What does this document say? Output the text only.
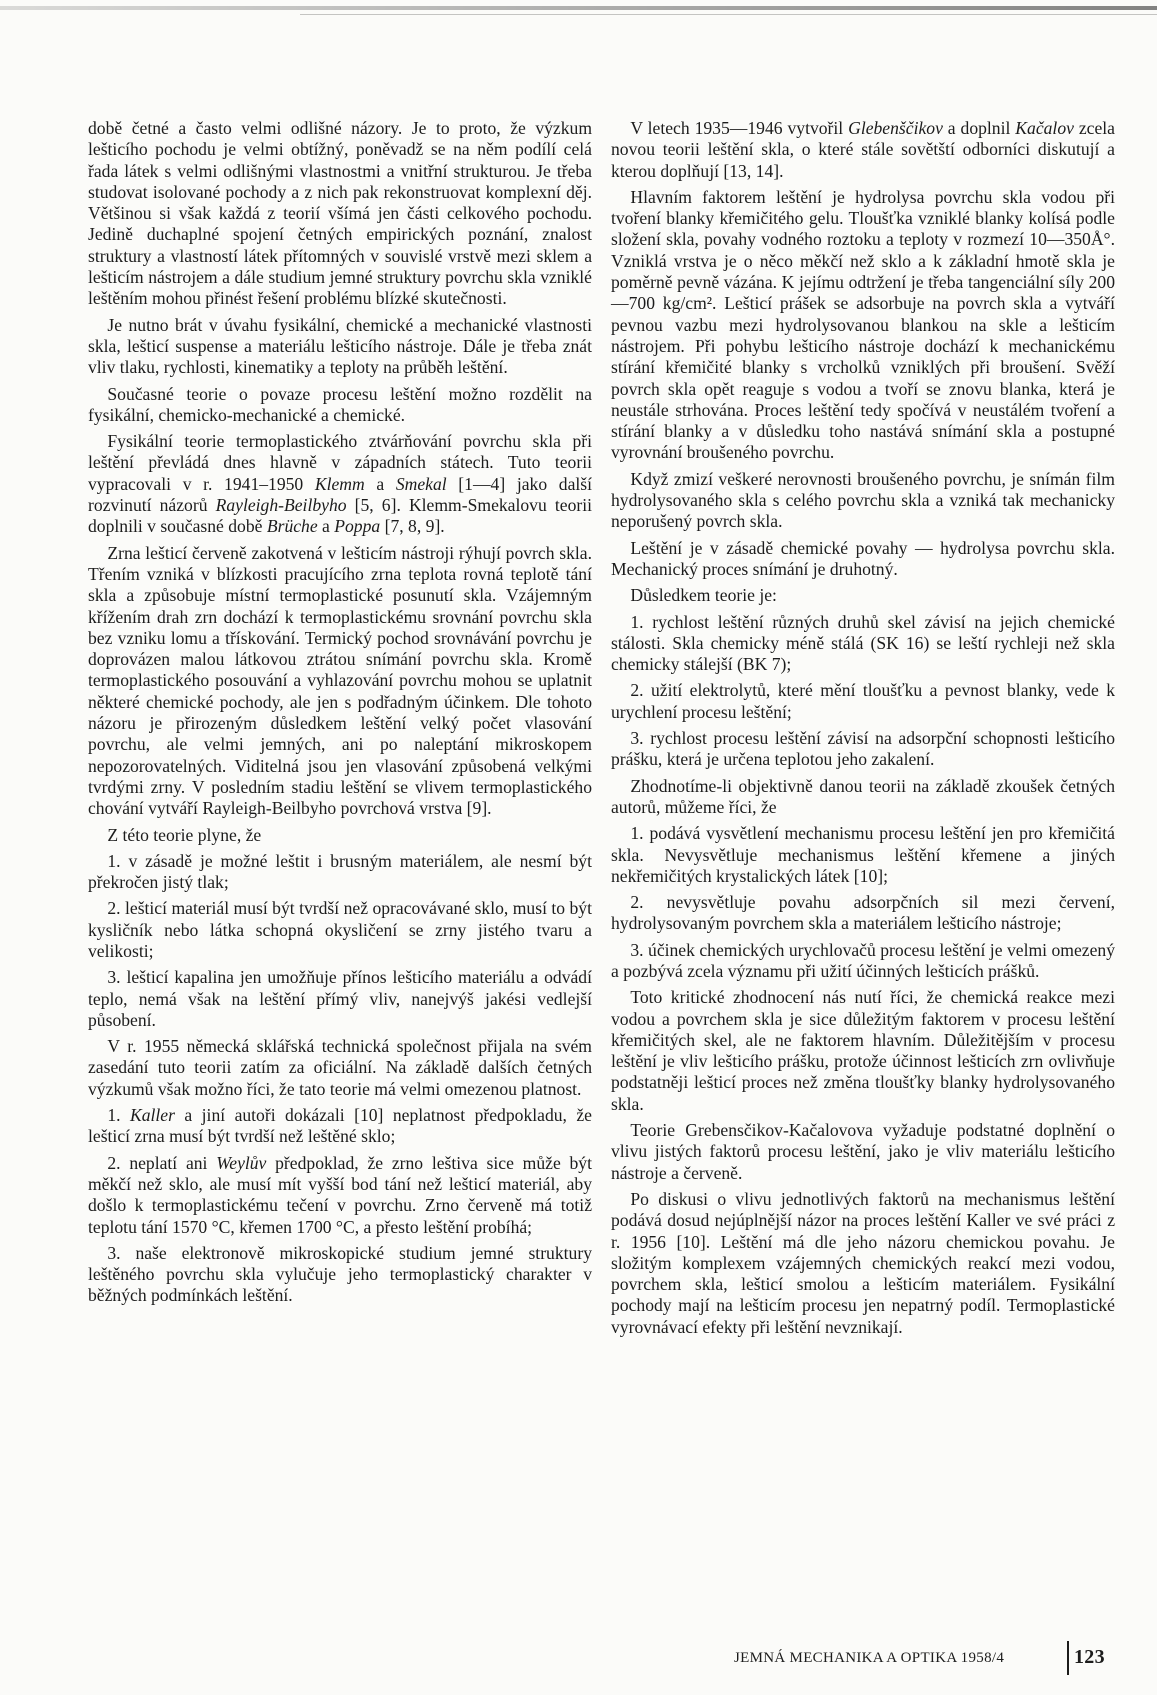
době četné a často velmi odlišné názory. Je to proto, že výzkum lešticího pochodu je velmi obtížný, poněvadž se na něm podílí celá řada látek s velmi odlišnými vlastnostmi a vnitřní strukturou. Je třeba studovat isolované pochody a z nich pak rekonstruovat komplexní děj. Většinou si však každá z teorií všímá jen části celkového pochodu. Jedině duchaplné spojení četných empirických poznání, znalost struktury a vlastností látek přítomných v souvislé vrstvě mezi sklem a lešticím nástrojem a dále studium jemné struktury povrchu skla vzniklé leštěním mohou přinést řešení problému blízké skutečnosti.

Je nutno brát v úvahu fysikální, chemické a mechanické vlastnosti skla, lešticí suspense a materiálu lešticího nástroje. Dále je třeba znát vliv tlaku, rychlosti, kinematiky a teploty na průběh leštění.

Současné teorie o povaze procesu leštění možno rozdělit na fysikální, chemicko-mechanické a chemické.

Fysikální teorie termoplastického ztvárňování povrchu skla při leštění převládá dnes hlavně v západních státech. Tuto teorii vypracovali v r. 1941–1950 Klemm a Smekal [1—4] jako další rozvinutí názorů Rayleigh-Beilbyho [5, 6]. Klemm-Smekalovu teorii doplnili v současné době Brüche a Poppa [7, 8, 9].

Zrna lešticí červeně zakotvená v lešticím nástroji rýhují povrch skla. Třením vzniká v blízkosti pracujícího zrna teplota rovná teplotě tání skla a způsobuje místní termoplastické posunutí skla. Vzájemným křížením drah zrn dochází k termoplastickému srovnání povrchu skla bez vzniku lomu a třískování. Termický pochod srovnávání povrchu je doprovázen malou látkovou ztrátou snímání povrchu skla. Kromě termoplastického posouvání a vyhlazování povrchu mohou se uplatnit některé chemické pochody, ale jen s podřadným účinkem. Dle tohoto názoru je přirozeným důsledkem leštění velký počet vlasování povrchu, ale velmi jemných, ani po naleptání mikroskopem nepozorovatelných. Viditelná jsou jen vlasování způsobená velkými tvrdými zrny. V posledním stadiu leštění se vlivem termoplastického chování vytváří Rayleigh-Beilbyho povrchová vrstva [9].

Z této teorie plyne, že

1. v zásadě je možné leštit i brusným materiálem, ale nesmí být překročen jistý tlak;

2. lešticí materiál musí být tvrdší než opracovávané sklo, musí to být kysličník nebo látka schopná okysličení se zrny jistého tvaru a velikosti;

3. lešticí kapalina jen umožňuje přínos lešticího materiálu a odvádí teplo, nemá však na leštění přímý vliv, nanejvýš jakési vedlejší působení.

V r. 1955 německá sklářská technická společnost přijala na svém zasedání tuto teorii zatím za oficiální. Na základě dalších četných výzkumů však možno říci, že tato teorie má velmi omezenou platnost.

1. Kaller a jiní autoři dokázali [10] neplatnost předpokladu, že lešticí zrna musí být tvrdší než leštěné sklo;

2. neplatí ani Weylův předpoklad, že zrno leštiva sice může být měkčí než sklo, ale musí mít vyšší bod tání než lešticí materiál, aby došlo k termoplastickému tečení v povrchu. Zrno červeně má totiž teplotu tání 1570 °C, křemen 1700 °C, a přesto leštění probíhá;

3. naše elektronově mikroskopické studium jemné struktury leštěného povrchu skla vylučuje jeho termoplastický charakter v běžných podmínkách leštění.

V letech 1935—1946 vytvořil Glebenščikov a doplnil Kačalov zcela novou teorii leštění skla, o které stále sovětští odborníci diskutují a kterou doplňují [13, 14].

Hlavním faktorem leštění je hydrolysa povrchu skla vodou při tvoření blanky křemičitého gelu. Tloušťka vzniklé blanky kolísá podle složení skla, povahy vodného roztoku a teploty v rozmezí 10—350Å°. Vzniklá vrstva je o něco měkčí než sklo a k základní hmotě skla je poměrně pevně vázána. K jejímu odtržení je třeba tangenciální síly 200—700 kg/cm². Lešticí prášek se adsorbuje na povrch skla a vytváří pevnou vazbu mezi hydrolysovanou blankou na skle a lešticím nástrojem. Při pohybu lešticího nástroje dochází k mechanickému stírání křemičité blanky s vrcholků vzniklých při broušení. Svěží povrch skla opět reaguje s vodou a tvoří se znovu blanka, která je neustále strhována. Proces leštění tedy spočívá v neustálém tvoření a stírání blanky a v důsledku toho nastává snímání skla a postupné vyrovnání broušeného povrchu.

Když zmizí veškeré nerovnosti broušeného povrchu, je snímán film hydrolysovaného skla s celého povrchu skla a vzniká tak mechanicky neporušený povrch skla.

Leštění je v zásadě chemické povahy — hydrolysa povrchu skla. Mechanický proces snímání je druhotný.

Důsledkem teorie je:

1. rychlost leštění různých druhů skel závisí na jejich chemické stálosti. Skla chemicky méně stálá (SK 16) se leští rychleji než skla chemicky stálejší (BK 7);

2. užití elektrolytů, které mění tloušťku a pevnost blanky, vede k urychlení procesu leštění;

3. rychlost procesu leštění závisí na adsorpční schopnosti lešticího prášku, která je určena teplotou jeho zakalení.

Zhodnotíme-li objektivně danou teorii na základě zkoušek četných autorů, můžeme říci, že

1. podává vysvětlení mechanismu procesu leštění jen pro křemičitá skla. Nevysvětluje mechanismus leštění křemene a jiných nekřemičitých krystalických látek [10];

2. nevysvětluje povahu adsorpčních sil mezi červení, hydrolysovaným povrchem skla a materiálem lešticího nástroje;

3. účinek chemických urychlovačů procesu leštění je velmi omezený a pozbývá zcela významu při užití účinných lešticích prášků.

Toto kritické zhodnocení nás nutí říci, že chemická reakce mezi vodou a povrchem skla je sice důležitým faktorem v procesu leštění křemičitých skel, ale ne faktorem hlavním. Důležitějším v procesu leštění je vliv lešticího prášku, protože účinnost lešticích zrn ovlivňuje podstatněji lešticí proces než změna tloušťky blanky hydrolysovaného skla.

Teorie Grebensčikov-Kačalovova vyžaduje podstatné doplnění o vlivu jistých faktorů procesu leštění, jako je vliv materiálu lešticího nástroje a červeně.

Po diskusi o vlivu jednotlivých faktorů na mechanismus leštění podává dosud nejúplnější názor na proces leštění Kaller ve své práci z r. 1956 [10]. Leštění má dle jeho názoru chemickou povahu. Je složitým komplexem vzájemných chemických reakcí mezi vodou, povrchem skla, lešticí smolou a lešticím materiálem. Fysikální pochody mají na lešticím procesu jen nepatrný podíl. Termoplastické vyrovnávací efekty při leštění nevznikají.

JEMNÁ MECHANIKA A OPTIKA 1958/4	123
